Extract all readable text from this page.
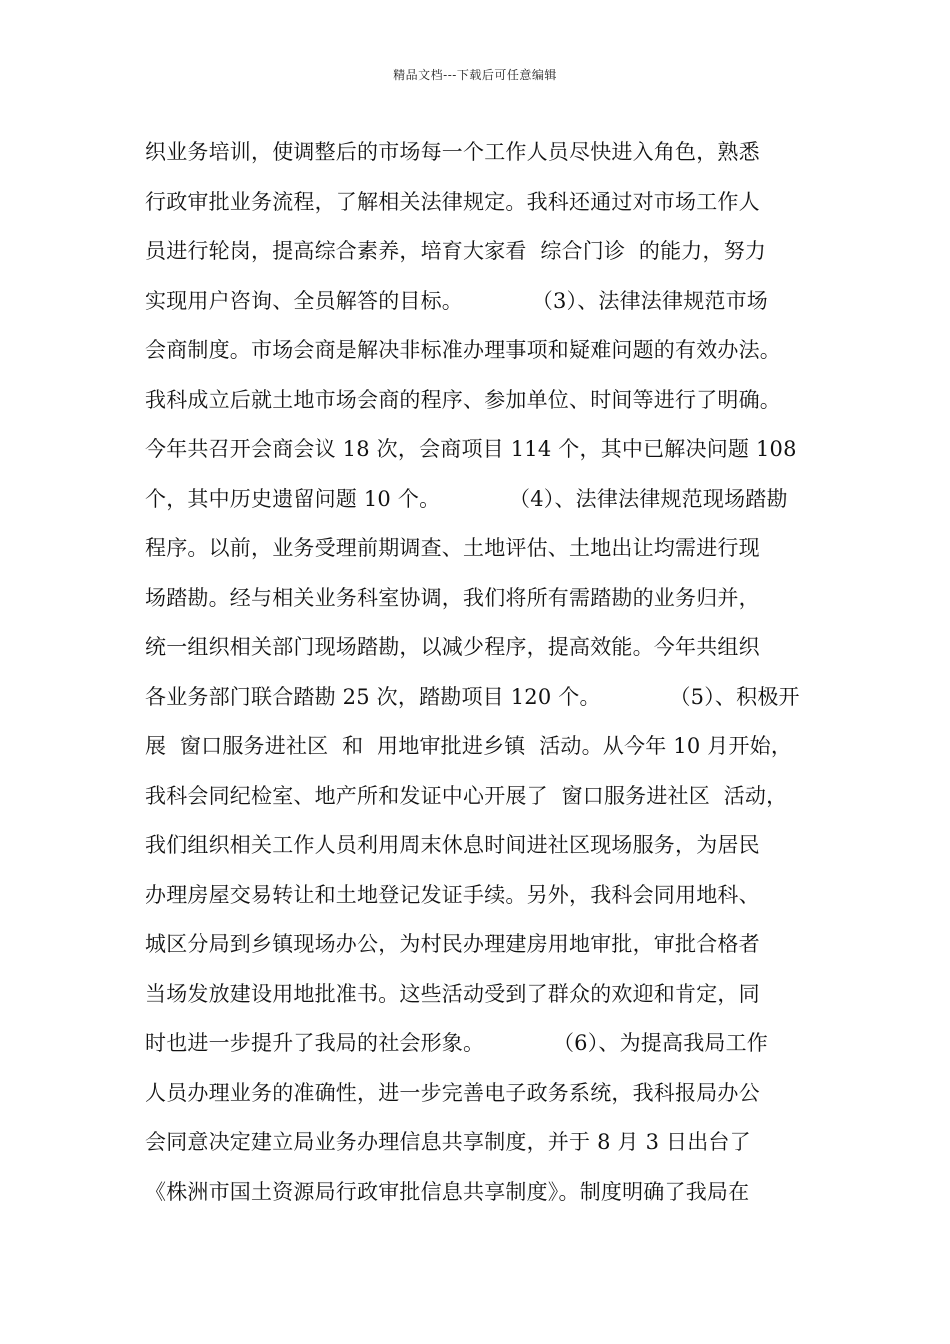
精品文档---下载后可任意编辑
织业务培训，使调整后的市场每一个工作人员尽快进入角色，熟悉
行政审批业务流程，了解相关法律规定。我科还通过对市场工作人
员进行轮岗，提高综合素养，培育大家看  综合门诊  的能力，努力
实现用户咨询、全员解答的目标。          （3）、法律法律规范市场
会商制度。市场会商是解决非标准办理事项和疑难问题的有效办法。
我科成立后就土地市场会商的程序、参加单位、时间等进行了明确。
今年共召开会商会议 18 次，会商项目 114 个，其中已解决问题 108
个，其中历史遗留问题 10 个。          （4）、法律法律规范现场踏勘
程序。以前，业务受理前期调查、土地评估、土地出让均需进行现
场踏勘。经与相关业务科室协调，我们将所有需踏勘的业务归并，
统一组织相关部门现场踏勘，以减少程序，提高效能。今年共组织
各业务部门联合踏勘 25 次，踏勘项目 120 个。          （5）、积极开
展  窗口服务进社区  和  用地审批进乡镇  活动。从今年 10 月开始，
我科会同纪检室、地产所和发证中心开展了  窗口服务进社区  活动，
我们组织相关工作人员利用周末休息时间进社区现场服务，为居民
办理房屋交易转让和土地登记发证手续。另外，我科会同用地科、
城区分局到乡镇现场办公，为村民办理建房用地审批，审批合格者
当场发放建设用地批准书。这些活动受到了群众的欢迎和肯定，同
时也进一步提升了我局的社会形象。          （6）、为提高我局工作
人员办理业务的准确性，进一步完善电子政务系统，我科报局办公
会同意决定建立局业务办理信息共享制度，并于 8 月 3 日出台了
《株洲市国土资源局行政审批信息共享制度》。制度明确了我局在
